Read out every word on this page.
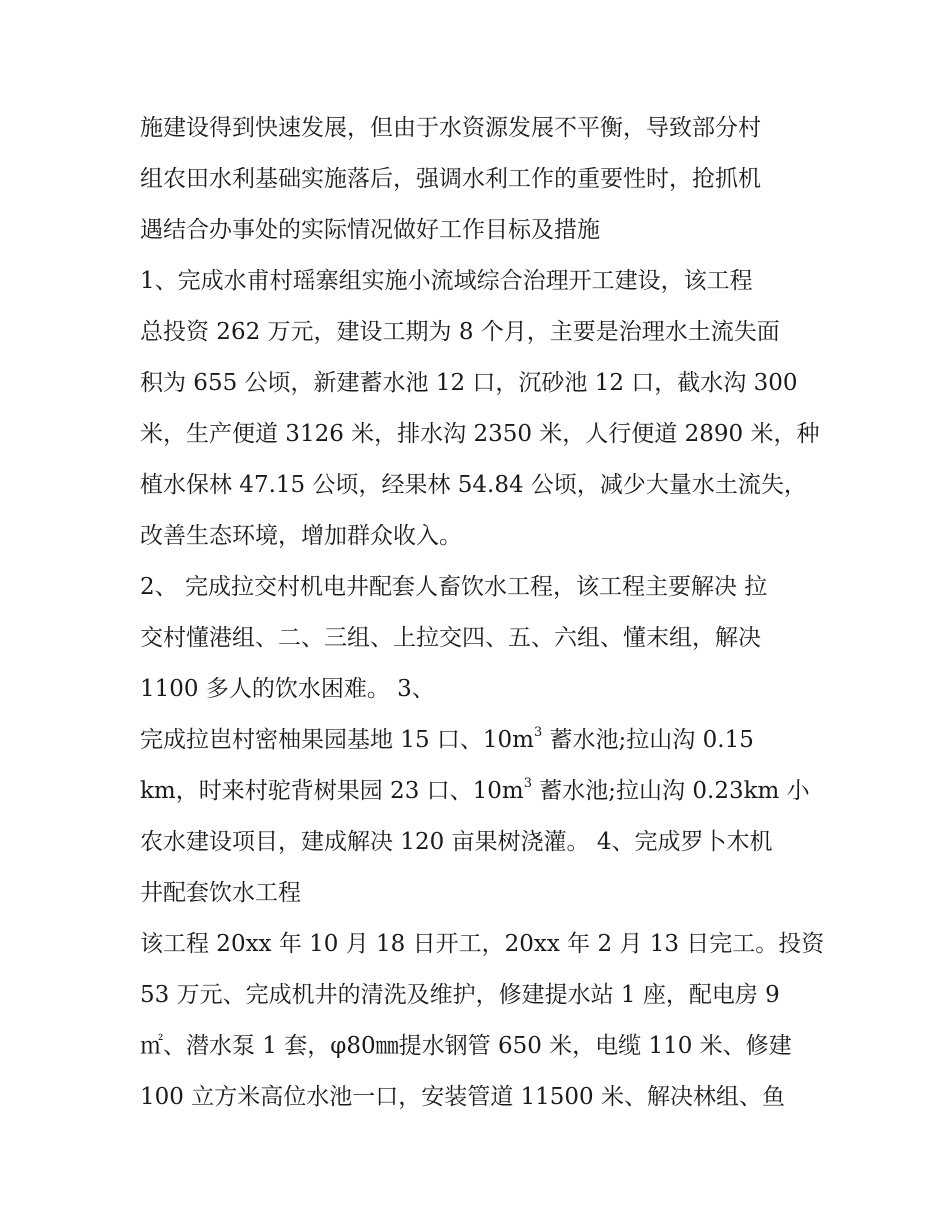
施建设得到快速发展，但由于水资源发展不平衡，导致部分村
组农田水利基础实施落后，强调水利工作的重要性时，抢抓机
遇结合办事处的实际情况做好工作目标及措施
1、完成水甫村瑶寨组实施小流域综合治理开工建设，该工程
总投资 262 万元，建设工期为 8 个月，主要是治理水土流失面
积为 655 公顷，新建蓄水池 12 口，沉砂池 12 口，截水沟 300
米，生产便道 3126 米，排水沟 2350 米，人行便道 2890 米，种
植水保林 47.15 公顷，经果林 54.84 公顷，减少大量水土流失，
改善生态环境，增加群众收入。
2、 完成拉交村机电井配套人畜饮水工程，该工程主要解决 拉
交村懂港组、二、三组、上拉交四、五、六组、懂末组，解决
1100 多人的饮水困难。 3、
完成拉岜村密柚果园基地 15 口、$10m^3$ 蓄水池;拉山沟 0.15
km，时来村驼背树果园 23 口、$10m^3$ 蓄水池;拉山沟 0.23km 小
农水建设项目，建成解决 120 亩果树浇灌。 4、完成罗卜木机
井配套饮水工程
该工程 20xx 年 10 月 18 日开工，20xx 年 2 月 13 日完工。投资
53 万元、完成机井的清洗及维护，修建提水站 1 座，配电房 9
㎡、潜水泵 1 套，φ80㎜提水钢管 650 米，电缆 110 米、修建
100 立方米高位水池一口，安装管道 11500 米、解决林组、鱼
